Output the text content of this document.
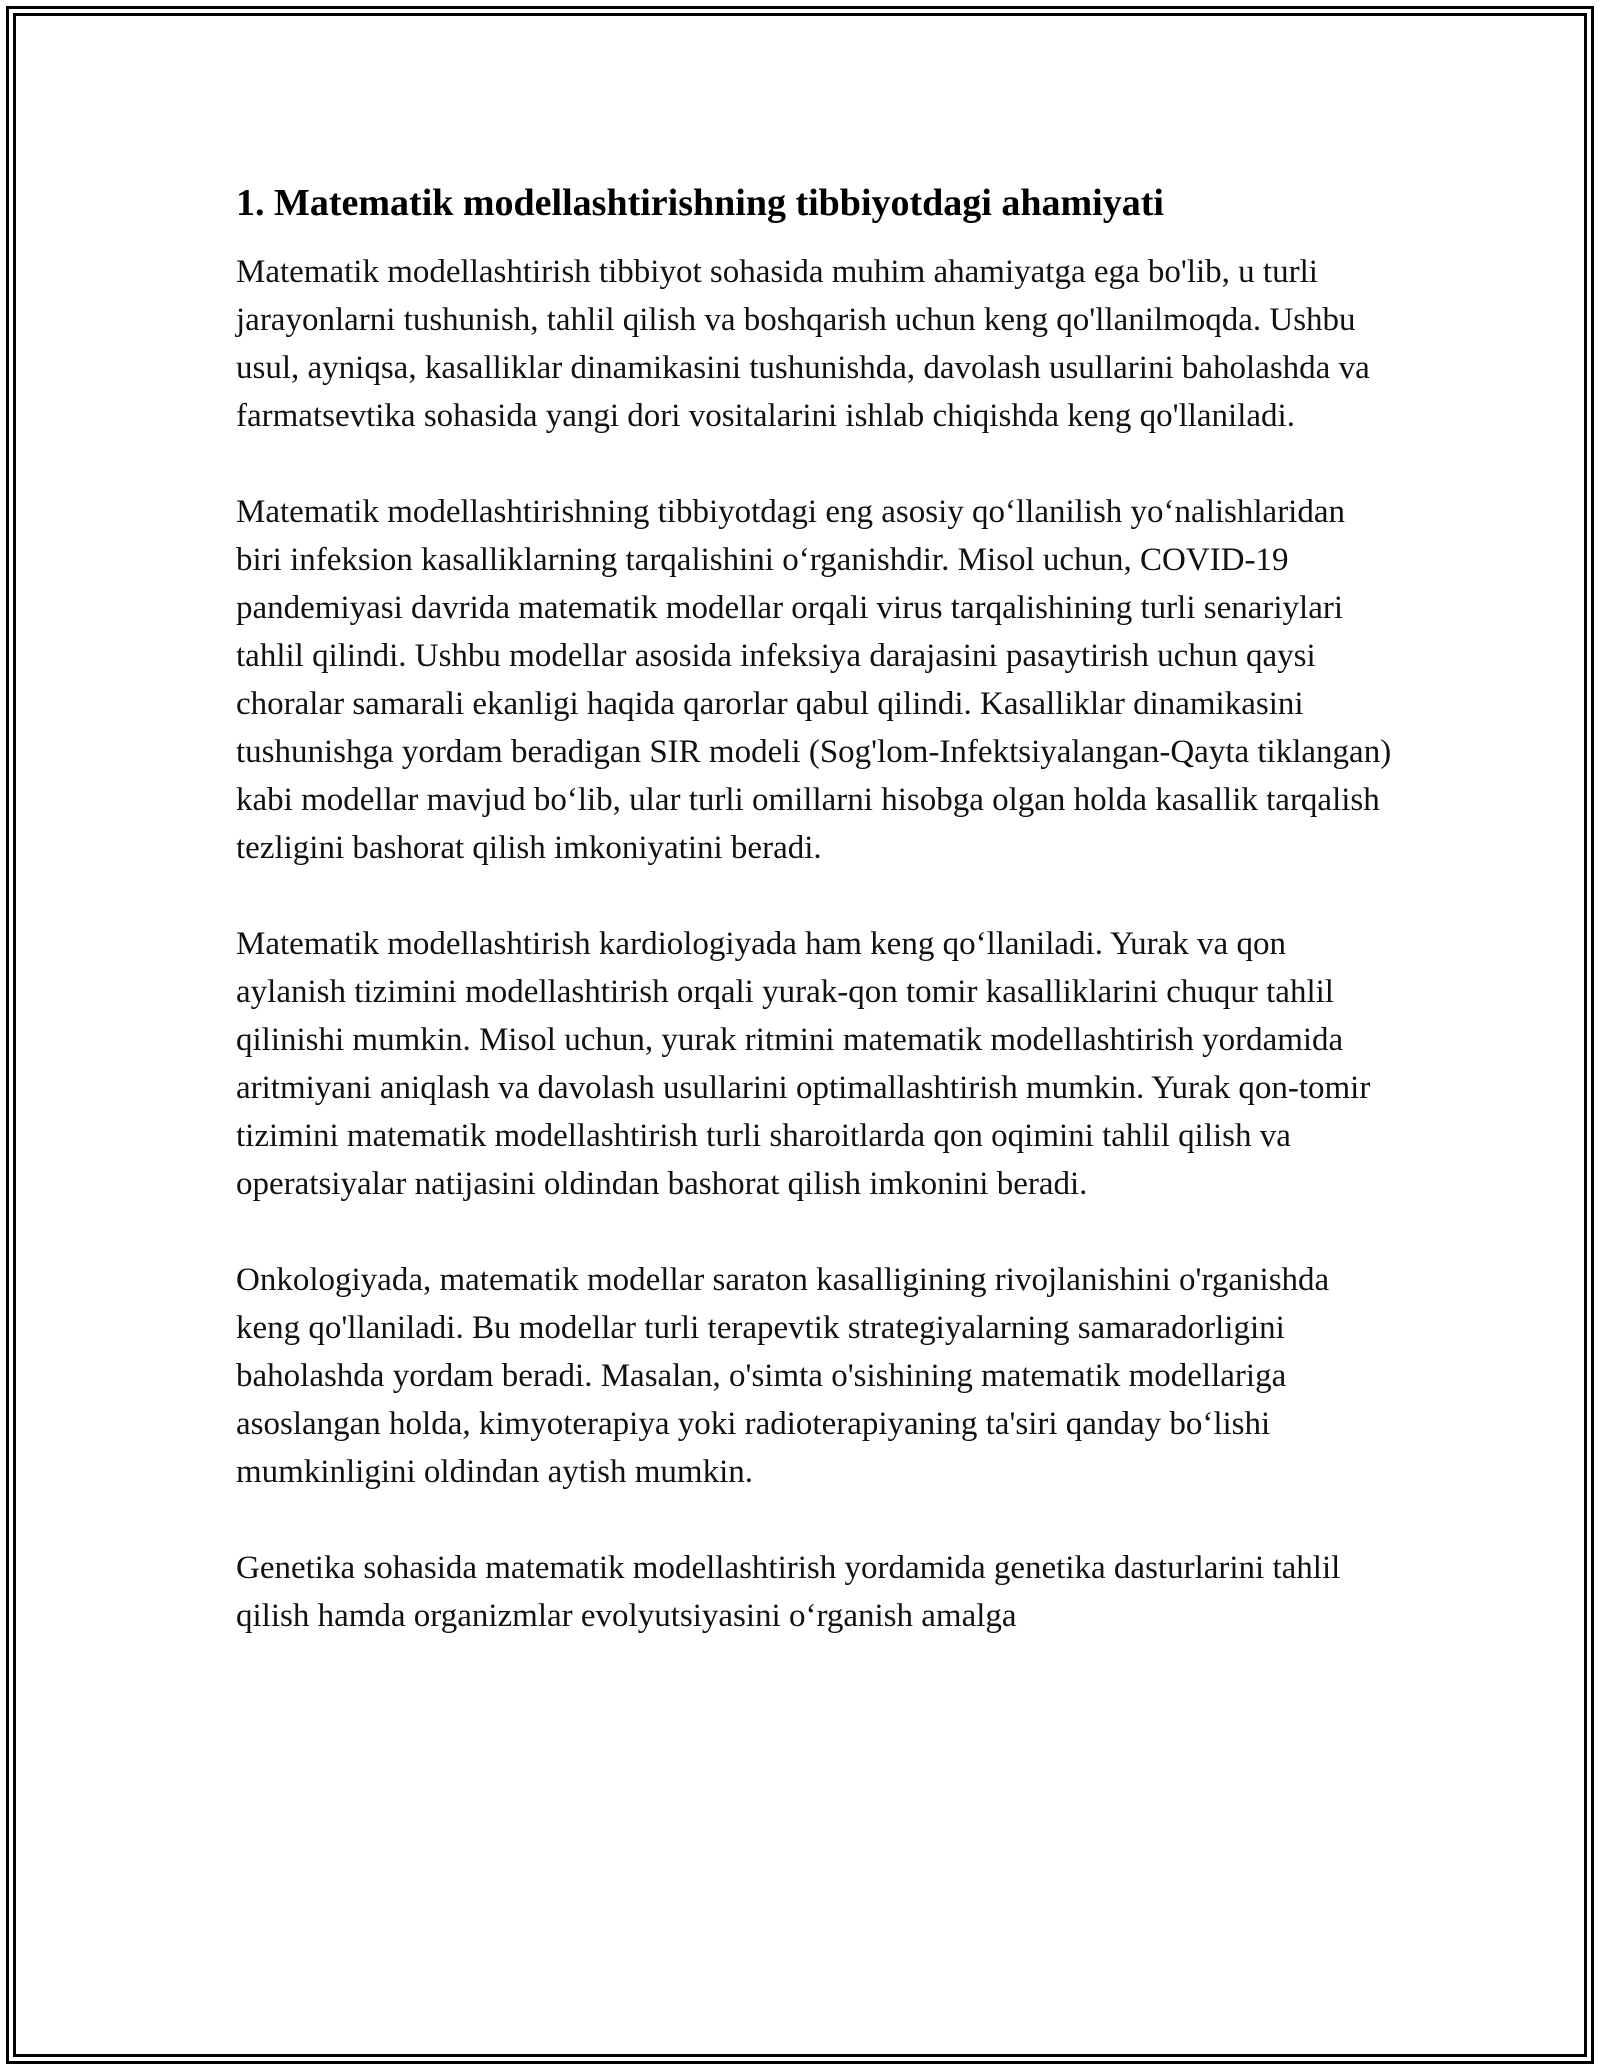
1. Matematik modellashtirishning tibbiyotdagi ahamiyati

Matematik modellashtirish tibbiyot sohasida muhim ahamiyatga ega bo'lib, u turli jarayonlarni tushunish, tahlil qilish va boshqarish uchun keng qo'llanilmoqda. Ushbu usul, ayniqsa, kasalliklar dinamikasini tushunishda, davolash usullarini baholashda va farmatsevtika sohasida yangi dori vositalarini ishlab chiqishda keng qo'llaniladi.

Matematik modellashtirishning tibbiyotdagi eng asosiy qo‘llanilish yo‘nalishlaridan biri infeksion kasalliklarning tarqalishini o‘rganishdir. Misol uchun, COVID-19 pandemiyasi davrida matematik modellar orqali virus tarqalishining turli senariylari tahlil qilindi. Ushbu modellar asosida infeksiya darajasini pasaytirish uchun qaysi choralar samarali ekanligi haqida qarorlar qabul qilindi. Kasalliklar dinamikasini tushunishga yordam beradigan SIR modeli (Sog'lom-Infektsiyalangan-Qayta tiklangan) kabi modellar mavjud bo‘lib, ular turli omillarni hisobga olgan holda kasallik tarqalish tezligini bashorat qilish imkoniyatini beradi.

Matematik modellashtirish kardiologiyada ham keng qo‘llaniladi. Yurak va qon aylanish tizimini modellashtirish orqali yurak-qon tomir kasalliklarini chuqur tahlil qilinishi mumkin. Misol uchun, yurak ritmini matematik modellashtirish yordamida aritmiyani aniqlash va davolash usullarini optimallashtirish mumkin. Yurak qon-tomir tizimini matematik modellashtirish turli sharoitlarda qon oqimini tahlil qilish va operatsiyalar natijasini oldindan bashorat qilish imkonini beradi.

Onkologiyada, matematik modellar saraton kasalligining rivojlanishini o'rganishda keng qo'llaniladi. Bu modellar turli terapevtik strategiyalarning samaradorligini baholashda yordam beradi. Masalan, o'simta o'sishining matematik modellariga asoslangan holda, kimyoterapiya yoki radioterapiyaning ta'siri qanday bo‘lishi mumkinligini oldindan aytish mumkin.

Genetika sohasida matematik modellashtirish yordamida genetika dasturlarini tahlil qilish hamda organizmlar evolyutsiyasini o‘rganish amalga
